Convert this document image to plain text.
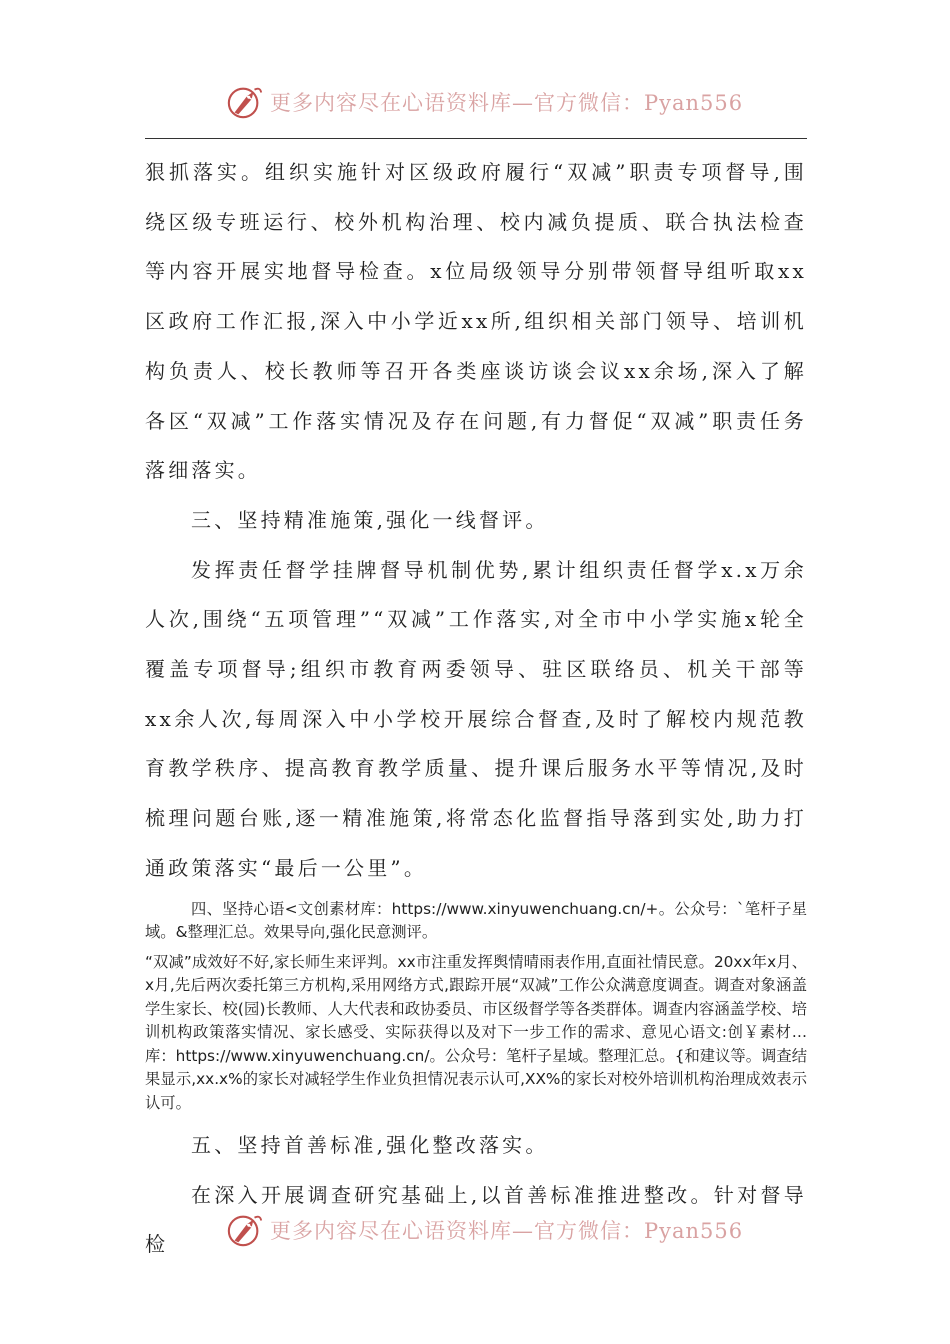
更多内容尽在心语资料库—官方微信：Pyan556

狠抓落实。组织实施针对区级政府履行“双减”职责专项督导,围绕区级专班运行、校外机构治理、校内减负提质、联合执法检查等内容开展实地督导检查。x位局级领导分别带领督导组听取xx区政府工作汇报,深入中小学近xx所,组织相关部门领导、培训机构负责人、校长教师等召开各类座谈访谈会议xx余场,深入了解各区“双减”工作落实情况及存在问题,有力督促“双减”职责任务落细落实。

三、坚持精准施策,强化一线督评。

发挥责任督学挂牌督导机制优势,累计组织责任督学x.x万余人次,围绕“五项管理”“双减”工作落实,对全市中小学实施x轮全覆盖专项督导;组织市教育两委领导、驻区联络员、机关干部等xx余人次,每周深入中小学校开展综合督查,及时了解校内规范教育教学秩序、提高教育教学质量、提升课后服务水平等情况,及时梳理问题台账,逐一精准施策,将常态化监督指导落到实处,助力打通政策落实“最后一公里”。

四、坚持心语<文创素材库：https://www.xinyuwenchuang.cn/+。公众号：`笔杆子星域。&整理汇总。效果导向,强化民意测评。

“双减”成效好不好,家长师生来评判。xx市注重发挥舆情晴雨表作用,直面社情民意。20xx年x月、x月,先后两次委托第三方机构,采用网络方式,跟踪开展“双减”工作公众满意度调查。调查对象涵盖学生家长、校(园)长教师、人大代表和政协委员、市区级督学等各类群体。调查内容涵盖学校、培训机构政策落实情况、家长感受、实际获得以及对下一步工作的需求、意见心语文:创￥素材…库：https://www.xinyuwenchuang.cn/。公众号：笔杆子星域。整理汇总。{和建议等。调查结果显示,xx.x%的家长对减轻学生作业负担情况表示认可,XX%的家长对校外培训机构治理成效表示认可。

五、坚持首善标准,强化整改落实。

在深入开展调查研究基础上,以首善标准推进整改。针对督导检

更多内容尽在心语资料库—官方微信：Pyan556
